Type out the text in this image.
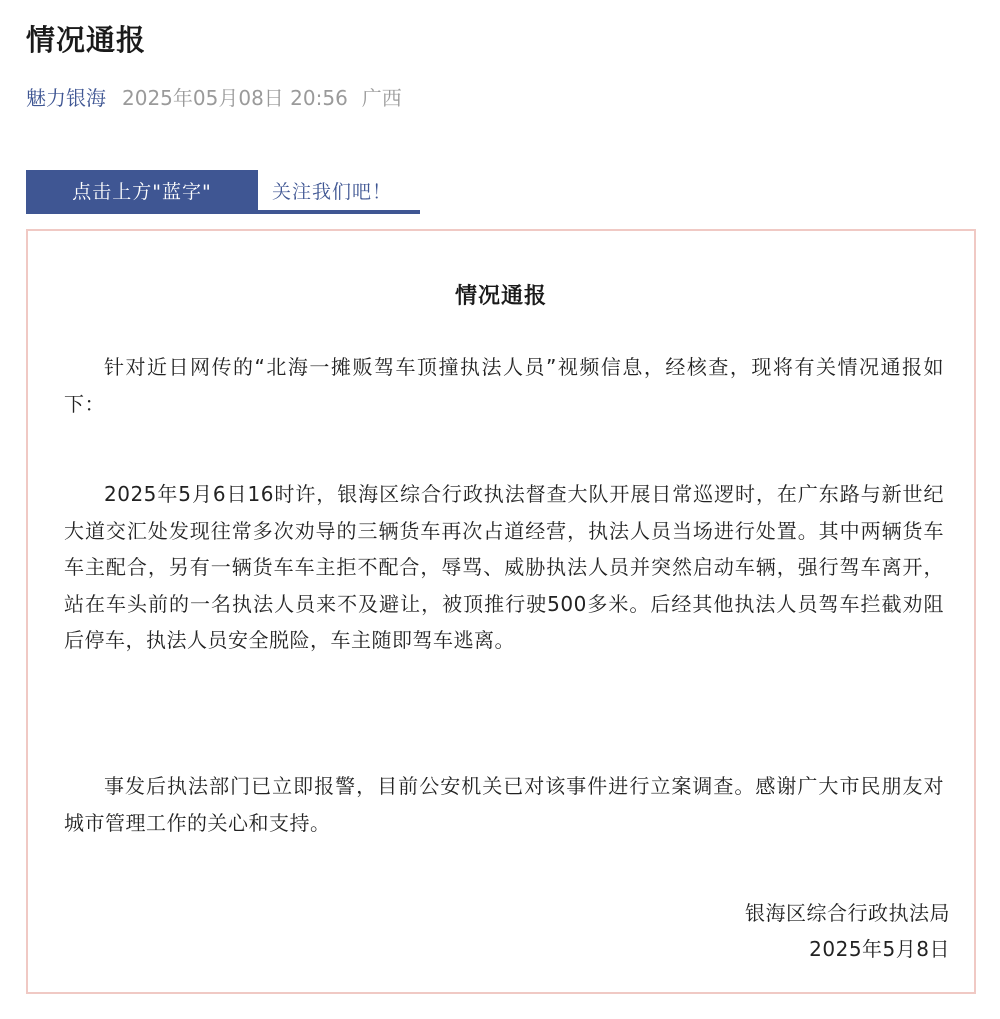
情况通报
魅力银海 2025年05月08日 20:56 广西
点击上方"蓝字"	关注我们吧！
情况通报

针对近日网传的“北海一摊贩驾车顶撞执法人员”视频信息，经核查，现将有关情况通报如下：

2025年5月6日16时许，银海区综合行政执法督查大队开展日常巡逻时，在广东路与新世纪大道交汇处发现往常多次劝导的三辆货车再次占道经营，执法人员当场进行处置。其中两辆货车车主配合，另有一辆货车车主拒不配合，辱骂、威胁执法人员并突然启动车辆，强行驾车离开，站在车头前的一名执法人员来不及避让，被顶推行驶500多米。后经其他执法人员驾车拦截劝阻后停车，执法人员安全脱险，车主随即驾车逃离。

事发后执法部门已立即报警，目前公安机关已对该事件进行立案调查。感谢广大市民朋友对城市管理工作的关心和支持。

银海区综合行政执法局
2025年5月8日
